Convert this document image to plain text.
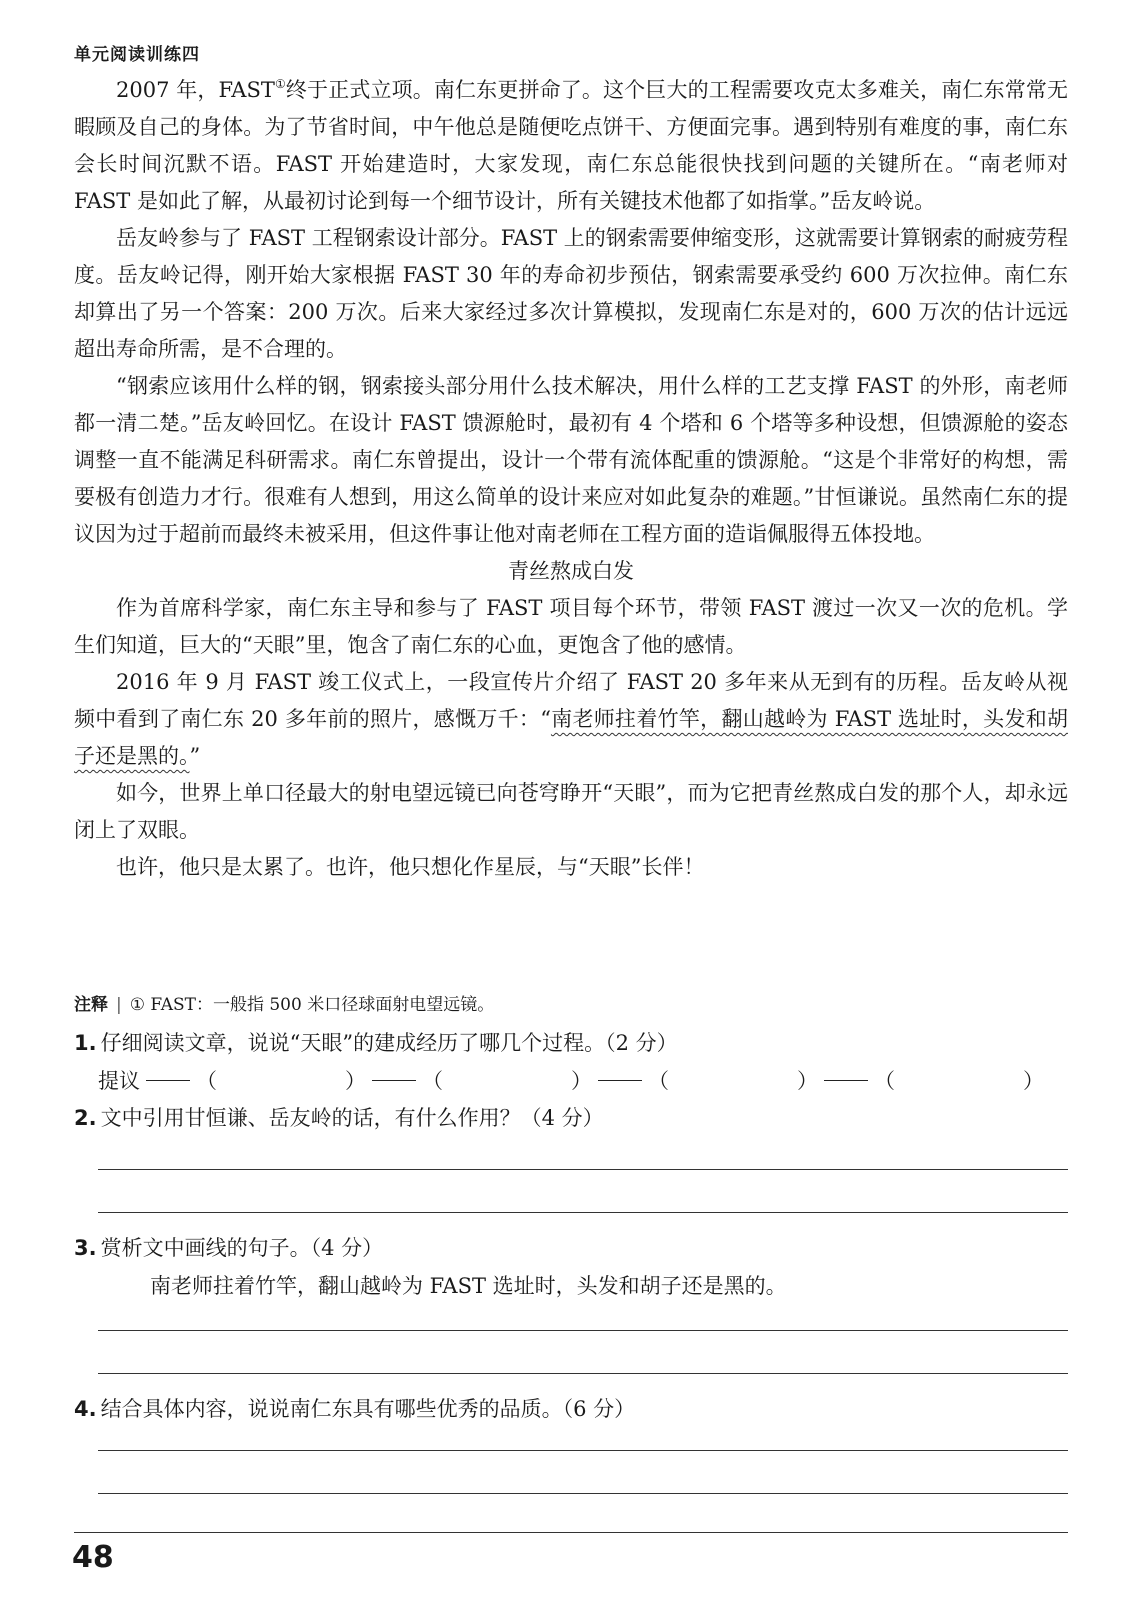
单元阅读训练四

2007 年，FAST①终于正式立项。南仁东更拼命了。这个巨大的工程需要攻克太多难关，南仁东常常无暇顾及自己的身体。为了节省时间，中午他总是随便吃点饼干、方便面完事。遇到特别有难度的事，南仁东会长时间沉默不语。FAST 开始建造时，大家发现，南仁东总能很快找到问题的关键所在。“南老师对 FAST 是如此了解，从最初讨论到每一个细节设计，所有关键技术他都了如指掌。”岳友岭说。

岳友岭参与了 FAST 工程钢索设计部分。FAST 上的钢索需要伸缩变形，这就需要计算钢索的耐疲劳程度。岳友岭记得，刚开始大家根据 FAST 30 年的寿命初步预估，钢索需要承受约 600 万次拉伸。南仁东却算出了另一个答案：200 万次。后来大家经过多次计算模拟，发现南仁东是对的，600 万次的估计远远超出寿命所需，是不合理的。

“钢索应该用什么样的钢，钢索接头部分用什么技术解决，用什么样的工艺支撑 FAST 的外形，南老师都一清二楚。”岳友岭回忆。在设计 FAST 馈源舱时，最初有 4 个塔和 6 个塔等多种设想，但馈源舱的姿态调整一直不能满足科研需求。南仁东曾提出，设计一个带有流体配重的馈源舱。“这是个非常好的构想，需要极有创造力才行。很难有人想到，用这么简单的设计来应对如此复杂的难题。”甘恒谦说。虽然南仁东的提议因为过于超前而最终未被采用，但这件事让他对南老师在工程方面的造诣佩服得五体投地。

青丝熬成白发

作为首席科学家，南仁东主导和参与了 FAST 项目每个环节，带领 FAST 渡过一次又一次的危机。学生们知道，巨大的“天眼”里，饱含了南仁东的心血，更饱含了他的感情。

2016 年 9 月 FAST 竣工仪式上，一段宣传片介绍了 FAST 20 多年来从无到有的历程。岳友岭从视频中看到了南仁东 20 多年前的照片，感慨万千：“南老师拄着竹竿，翻山越岭为 FAST 选址时，头发和胡子还是黑的。”

如今，世界上单口径最大的射电望远镜已向苍穹睁开“天眼”，而为它把青丝熬成白发的那个人，却永远闭上了双眼。

也许，他只是太累了。也许，他只想化作星辰，与“天眼”长伴！

注释 | ① FAST：一般指 500 米口径球面射电望远镜。
1. 仔细阅读文章，说说“天眼”的建成经历了哪几个过程。（2 分）
提议	（	）	（	）	（	）	（	）
2. 文中引用甘恒谦、岳友岭的话，有什么作用？（4 分）
3. 赏析文中画线的句子。（4 分）
南老师拄着竹竿，翻山越岭为 FAST 选址时，头发和胡子还是黑的。
4. 结合具体内容，说说南仁东具有哪些优秀的品质。（6 分）
48
